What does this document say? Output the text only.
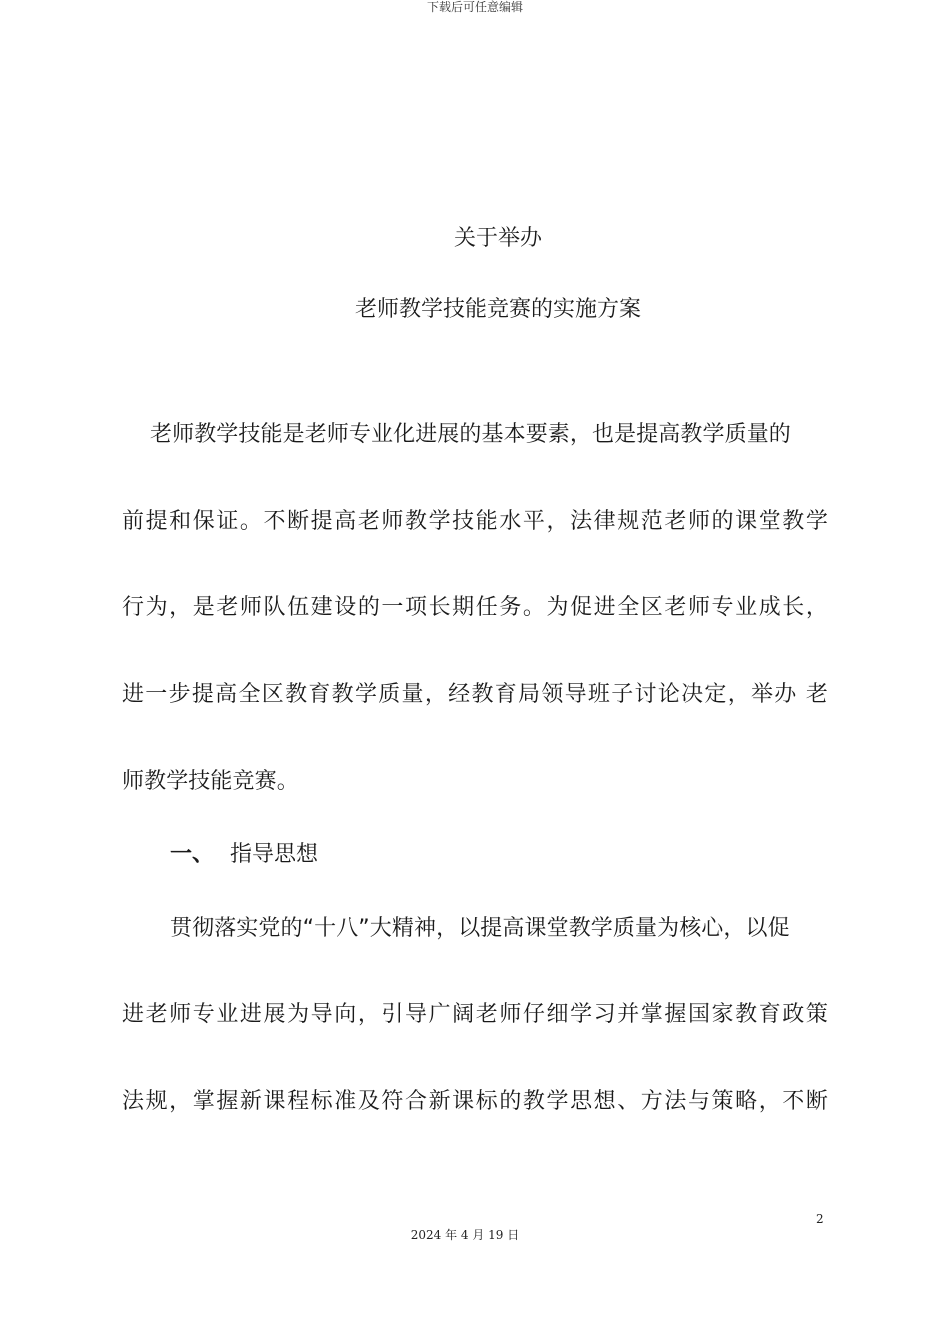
下载后可任意编辑
关于举办
老师教学技能竞赛的实施方案
老师教学技能是老师专业化进展的基本要素，也是提高教学质量的
前提和保证。不断提高老师教学技能水平，法律规范老师的课堂教学
行为，是老师队伍建设的一项长期任务。为促进全区老师专业成长，
进一步提高全区教育教学质量，经教育局领导班子讨论决定，举办 老
师教学技能竞赛。
一、 指导思想
贯彻落实党的“十八”大精神，以提高课堂教学质量为核心，以促
进老师专业进展为导向，引导广阔老师仔细学习并掌握国家教育政策
法规，掌握新课程标准及符合新课标的教学思想、方法与策略，不断
2
2024 年 4 月 19 日
